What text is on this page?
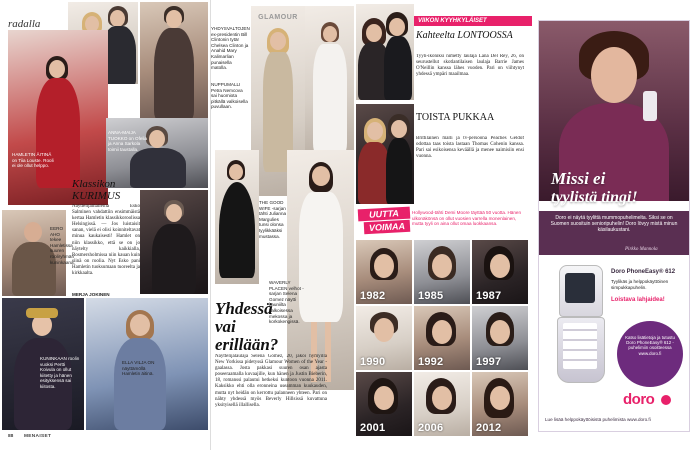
radalla
HAMLETIN ÄITINÄ on Tiia Louste. Rooli ei ole ollut helppo.
ANNA-MAIJA TUOKKO on Ofelia ja Anna Sarkola toimii taustalla.
Klassikon KURIMUS
Näyttelijämalleina Esko Salminen vahdattiin ensimmäistä kertaa Hamletin klassikkoroolissa Helsingissä. — Jos luistaisit sanan, vielä ei olisi koinniteltavat minua kaukaisesti! Hamlet on niin klassikko, että se on jo näytelty kaikkialla, Rosmersholmissa niin kauan kuin siinä on roolia. Nyt Esko pani Hamletin tuoksumaan tuoreelta ja kirkkaalta.
MERJA JOKINEN
EERO AHO tekee Hamletissa suuren rooliryhmän kuninkaana.
KUNINKAAN roolin vuoksi Pertti Koivula on ollut kiitetty ja hänen esityksensä sai kiitosta.
ELLA VILJA ON näyttämöllä Hamletin äitinä.
88 MENAISET
YHDYSVALTOJEN ex-presidentin Bill Clintonin tytär Chelsea Clinton ja Anahid Mary Kalimarlian punaisella matolla.
NUPPUMALLI Petra Nemcova sai huomiota pitkällä valkoisella puvullaan.
GLAMOUR
THE GOOD WIFE -sarjan tähti Julianna Margulies tunsi olonsa tyylikkääksi mustassa.
WAVERLY PLACEN velhot -sarjan Selena Gomez näytti kauniilta valkoisessa mekossa ja korkokengissä.
Yhdessä vai erillään?
Näyttelijälaulaja Selena Gomez, 20, jakoi hymyillä New Yorkissa pidetyssä Glamour Women of the Year -gaalassa. Josta pakkasi suuren osan ajasta poseeraamalla kuvaajille, kun hänen ja Justin Bieberin, 18, romanssi palautui hetkeksi kuntoon vuonna 2011. Kaksikko ehti olla eronneina useamman kuukauden, mutta nyt heidän on kerrottu palanneen yhteen. Pari on nähty yhdessä myös Beverly Hillsissä kuvattuna yksityisellä illallisella.
VIIKON KYYHKYLÄISET
Kahteelta LONTOOSSA
Tyyli-ikoniksi nimetty laulaja Lana Del Rey, 26, on seurustellut skotlantilaisen laulaja Barrie James O'Neillin kanssa lähes vuoden. Pari on viihtynyt yhdessä ympäri maailmaa.
TOISTA PUKKAA
Brittiläinen malli ja tv-persoona Peaches Geldof odottaa taas toista lastaan Thomas Cohenin kanssa. Pari sai esikoisensa keväällä ja menee naimisiin ensi vuonna.
UUTTA
VOIMAA
Hollywood-tähti Demi Moore täyttää 50 vuotta. Hänen ulkonäkönsä on ollut vuosien varrella monenlainen, mutta tyyli on aina ollut omaa luokkaansa.
1982	1985	1987
1990	1992	1997
2001	2006	2012
Missi ei
tyylistä tingi!
Doro ei näytä tyylittä mummopuhelimelta. Siksi se on Suomen suosituin senioripuhelin! Doro lövyy mistä minun käsilaukustani.
Pirkko Mannola
Doro PhoneEasy® 612
Tyylikäs ja helppokäyttöinen simpukkapuhelin.
Loistava lahjaidea!
Katso lisätietoja ja tutustu Doro PhoneEasy® 612 -puhelimiin osoitteessa www.doro.fi
doro
Lue lisää helppokäyttöisistä puhelimista www.doro.fi
